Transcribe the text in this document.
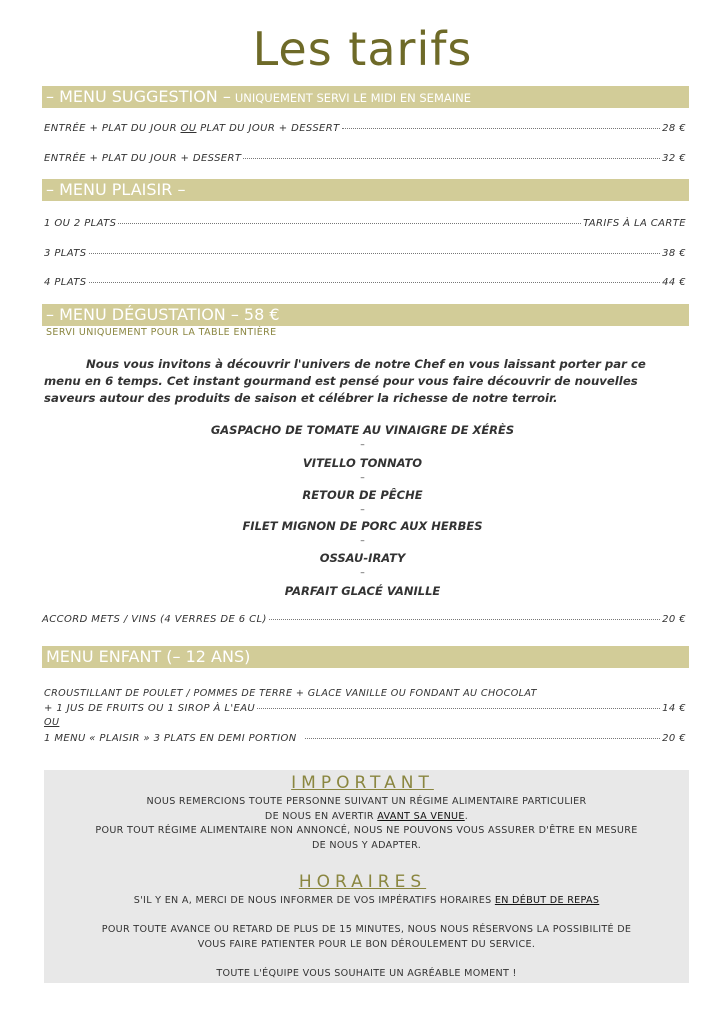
Les tarifs
– MENU SUGGESTION – UNIQUEMENT SERVI LE MIDI EN SEMAINE
ENTRÉE + PLAT DU JOUR OU PLAT DU JOUR + DESSERT	28 €
ENTRÉE + PLAT DU JOUR + DESSERT	32 €
– MENU PLAISIR –
1 OU 2 PLATS	TARIFS À LA CARTE
3 PLATS	38 €
4 PLATS	44 €
– MENU DÉGUSTATION – 58 €
SERVI UNIQUEMENT POUR LA TABLE ENTIÈRE

Nous vous invitons à découvrir l'univers de notre Chef en vous laissant porter par ce menu en 6 temps. Cet instant gourmand est pensé pour vous faire découvrir de nouvelles saveurs autour des produits de saison et célébrer la richesse de notre terroir.

GASPACHO DE TOMATE AU VINAIGRE DE XÉRÈS
–
VITELLO TONNATO
–
RETOUR DE PÊCHE
–
FILET MIGNON DE PORC AUX HERBES
–
OSSAU-IRATY
–
PARFAIT GLACÉ VANILLE
ACCORD METS / VINS (4 VERRES DE 6 CL)	20 €
MENU ENFANT (– 12 ANS)
CROUSTILLANT DE POULET / POMMES DE TERRE + GLACE VANILLE OU FONDANT AU CHOCOLAT
+ 1 JUS DE FRUITS OU 1 SIROP À L'EAU	14 €
OU
1 MENU « PLAISIR » 3 PLATS EN DEMI PORTION	20 €
IMPORTANT
NOUS REMERCIONS TOUTE PERSONNE SUIVANT UN RÉGIME ALIMENTAIRE PARTICULIER
DE NOUS EN AVERTIR AVANT SA VENUE.
POUR TOUT RÉGIME ALIMENTAIRE NON ANNONCÉ, NOUS NE POUVONS VOUS ASSURER D'ÊTRE EN MESURE
DE NOUS Y ADAPTER.
HORAIRES
S'IL Y EN A, MERCI DE NOUS INFORMER DE VOS IMPÉRATIFS HORAIRES EN DÉBUT DE REPAS
POUR TOUTE AVANCE OU RETARD DE PLUS DE 15 MINUTES, NOUS NOUS RÉSERVONS LA POSSIBILITÉ DE
VOUS FAIRE PATIENTER POUR LE BON DÉROULEMENT DU SERVICE.
TOUTE L'ÉQUIPE VOUS SOUHAITE UN AGRÉABLE MOMENT !
